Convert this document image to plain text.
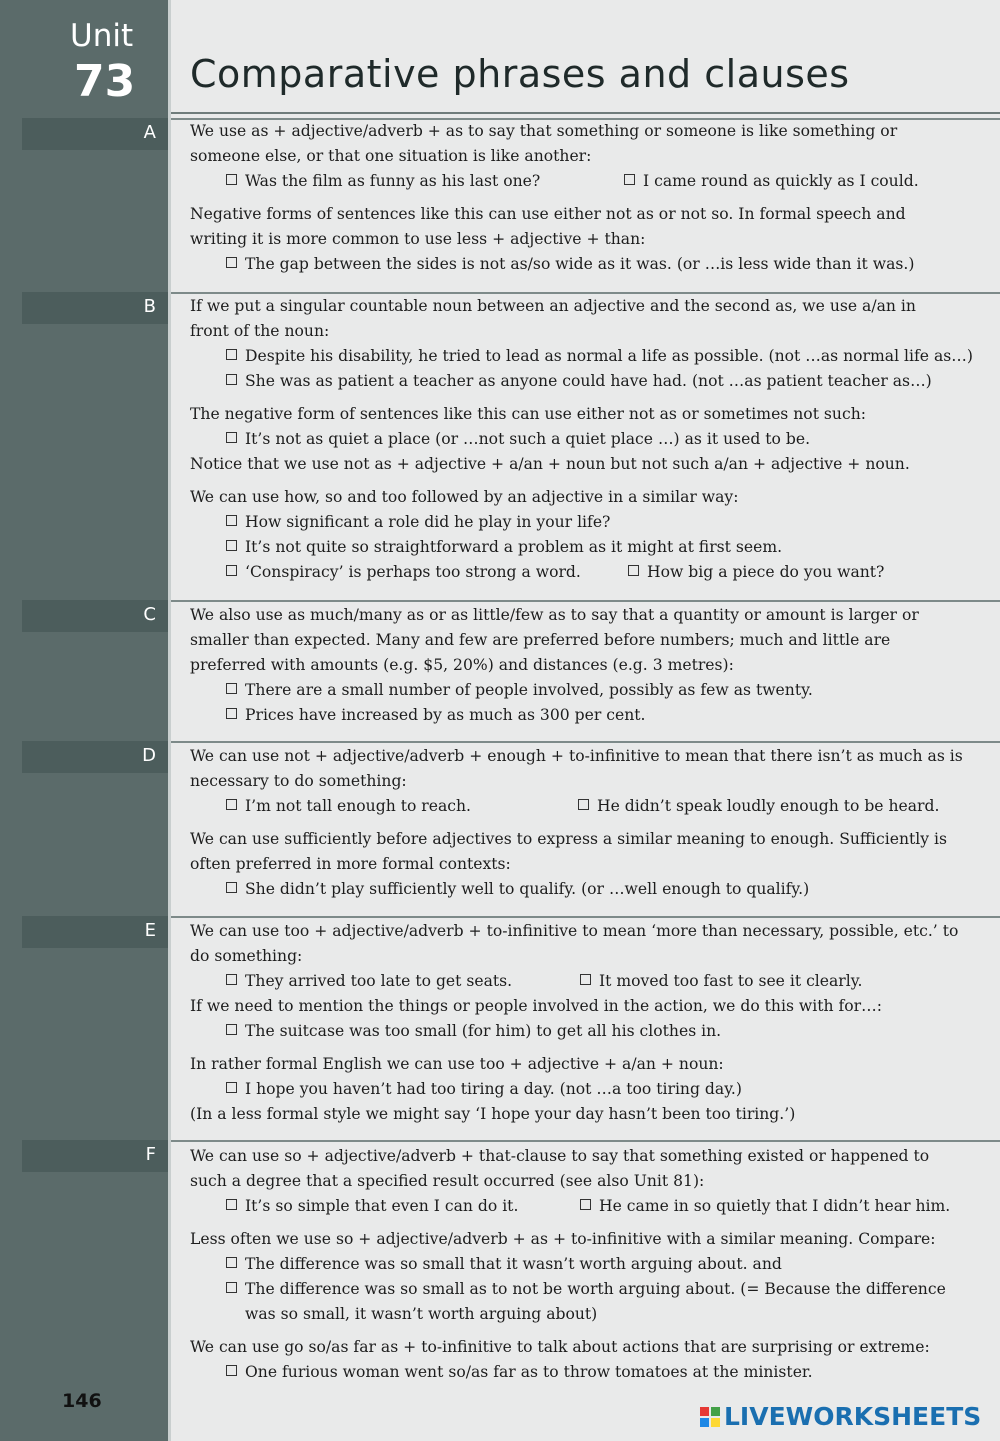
Unit
73 Comparative phrases and clauses
A	We use as + adjective/adverb + as to say that something or someone is like something or

someone else, or that one situation is like another:

Was the film as funny as his last one?	I came round as quickly as I could.

Negative forms of sentences like this can use either not as or not so. In formal speech and

writing it is more common to use less + adjective + than:

The gap between the sides is not as/so wide as it was. (or …is less wide than it was.)

B	If we put a singular countable noun between an adjective and the second as, we use a/an in

front of the noun:

Despite his disability, he tried to lead as normal a life as possible. (not …as normal life as…)

She was as patient a teacher as anyone could have had. (not …as patient teacher as…)

The negative form of sentences like this can use either not as or sometimes not such:

It’s not as quiet a place (or …not such a quiet place …) as it used to be.

Notice that we use not as + adjective + a/an + noun but not such a/an + adjective + noun.

We can use how, so and too followed by an adjective in a similar way:

How significant a role did he play in your life?

It’s not quite so straightforward a problem as it might at first seem.

‘Conspiracy’ is perhaps too strong a word.	How big a piece do you want?
C	We also use as much/many as or as little/few as to say that a quantity or amount is larger or

smaller than expected. Many and few are preferred before numbers; much and little are

preferred with amounts (e.g. $5, 20%) and distances (e.g. 3 metres):

There are a small number of people involved, possibly as few as twenty.

Prices have increased by as much as 300 per cent.

D	We can use not + adjective/adverb + enough + to-infinitive to mean that there isn’t as much as is

necessary to do something:

I’m not tall enough to reach.	He didn’t speak loudly enough to be heard.

We can use sufficiently before adjectives to express a similar meaning to enough. Sufficiently is

often preferred in more formal contexts:

She didn’t play sufficiently well to qualify. (or …well enough to qualify.)

E	We can use too + adjective/adverb + to-infinitive to mean ‘more than necessary, possible, etc.’ to

do something:

They arrived too late to get seats.	It moved too fast to see it clearly.

If we need to mention the things or people involved in the action, we do this with for…:

The suitcase was too small (for him) to get all his clothes in.

In rather formal English we can use too + adjective + a/an + noun:

I hope you haven’t had too tiring a day. (not …a too tiring day.)

(In a less formal style we might say ‘I hope your day hasn’t been too tiring.’)

F	We can use so + adjective/adverb + that-clause to say that something existed or happened to

such a degree that a specified result occurred (see also Unit 81):

It’s so simple that even I can do it.	He came in so quietly that I didn’t hear him.

Less often we use so + adjective/adverb + as + to-infinitive with a similar meaning. Compare:

The difference was so small that it wasn’t worth arguing about. and

The difference was so small as to not be worth arguing about. (= Because the difference

was so small, it wasn’t worth arguing about)

We can use go so/as far as + to-infinitive to talk about actions that are surprising or extreme:

One furious woman went so/as far as to throw tomatoes at the minister.

146
LIVEWORKSHEETS
